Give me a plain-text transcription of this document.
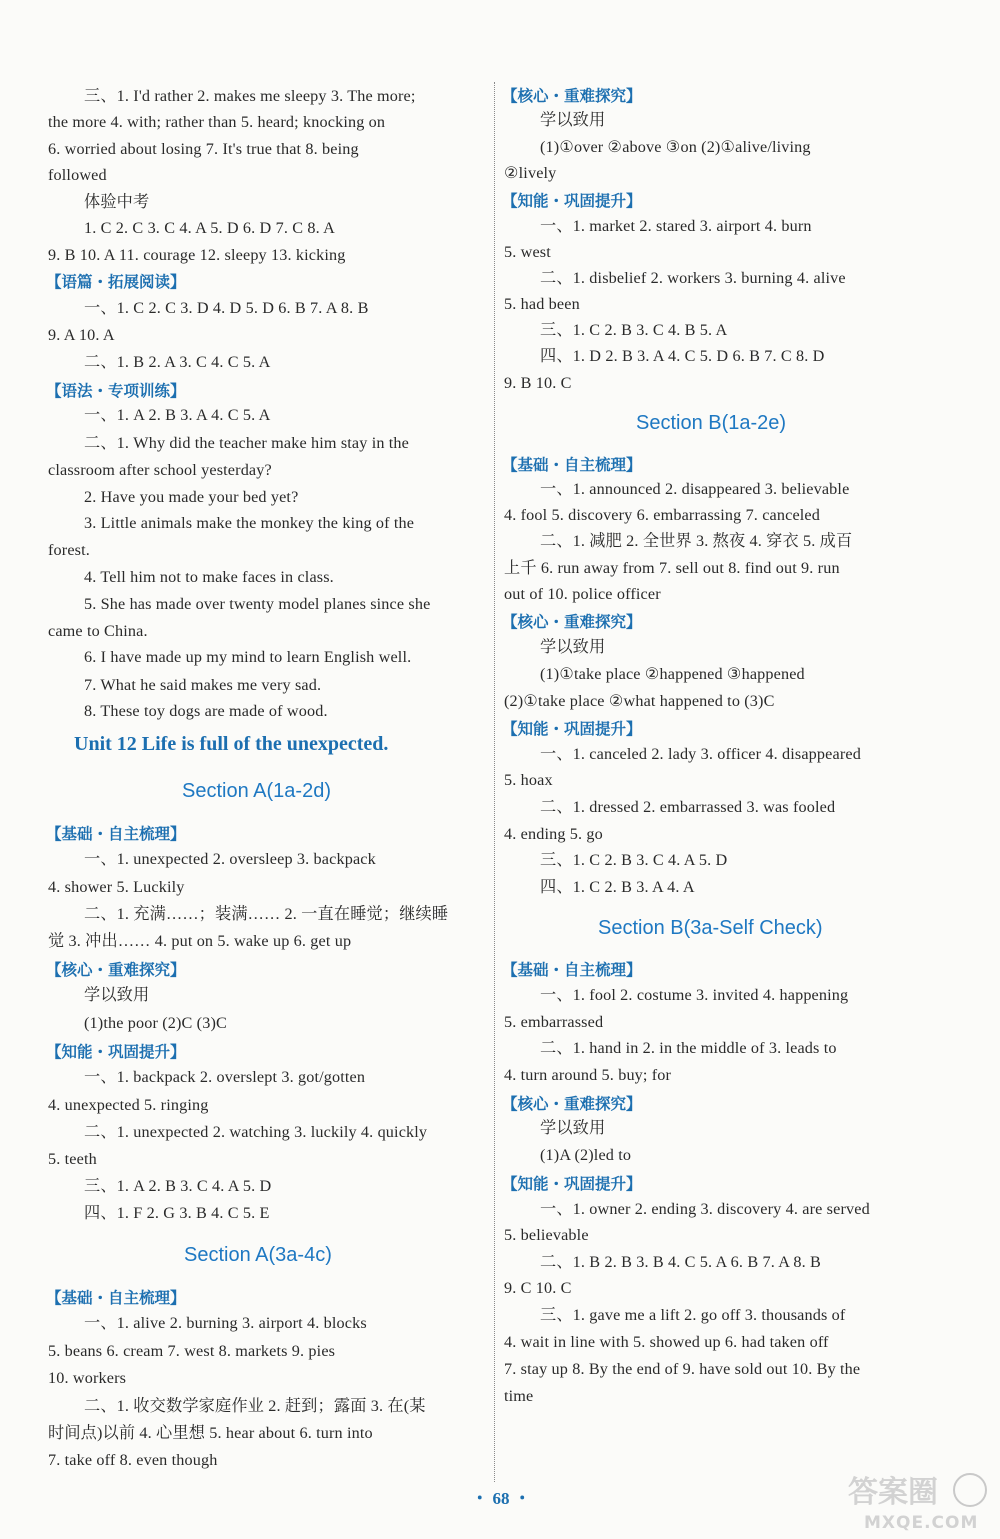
三、1. I'd rather 2. makes me sleepy 3. The more;
the more 4. with; rather than 5. heard; knocking on
6. worried about losing 7. It's true that 8. being
followed
体验中考
1. C 2. C 3. C 4. A 5. D 6. D 7. C 8. A
9. B 10. A 11. courage 12. sleepy 13. kicking
【语篇・拓展阅读】
一、1. C 2. C 3. D 4. D 5. D 6. B 7. A 8. B
9. A 10. A
二、1. B 2. A 3. C 4. C 5. A
【语法・专项训练】
一、1. A 2. B 3. A 4. C 5. A
二、1. Why did the teacher make him stay in the
classroom after school yesterday?
2. Have you made your bed yet?
3. Little animals make the monkey the king of the
forest.
4. Tell him not to make faces in class.
5. She has made over twenty model planes since she
came to China.
6. I have made up my mind to learn English well.
7. What he said makes me very sad.
8. These toy dogs are made of wood.
Unit 12 Life is full of the unexpected.
Section A(1a-2d)
【基础・自主梳理】
一、1. unexpected 2. oversleep 3. backpack
4. shower 5. Luckily
二、1. 充满……；装满…… 2. 一直在睡觉；继续睡
觉 3. 冲出…… 4. put on 5. wake up 6. get up
【核心・重难探究】
学以致用
(1)the poor (2)C (3)C
【知能・巩固提升】
一、1. backpack 2. overslept 3. got/gotten
4. unexpected 5. ringing
二、1. unexpected 2. watching 3. luckily 4. quickly
5. teeth
三、1. A 2. B 3. C 4. A 5. D
四、1. F 2. G 3. B 4. C 5. E
Section A(3a-4c)
【基础・自主梳理】
一、1. alive 2. burning 3. airport 4. blocks
5. beans 6. cream 7. west 8. markets 9. pies
10. workers
二、1. 收交数学家庭作业 2. 赶到；露面 3. 在(某
时间点)以前 4. 心里想 5. hear about 6. turn into
7. take off 8. even though
【核心・重难探究】
学以致用
(1)①over ②above ③on (2)①alive/living
②lively
【知能・巩固提升】
一、1. market 2. stared 3. airport 4. burn
5. west
二、1. disbelief 2. workers 3. burning 4. alive
5. had been
三、1. C 2. B 3. C 4. B 5. A
四、1. D 2. B 3. A 4. C 5. D 6. B 7. C 8. D
9. B 10. C
Section B(1a-2e)
【基础・自主梳理】
一、1. announced 2. disappeared 3. believable
4. fool 5. discovery 6. embarrassing 7. canceled
二、1. 减肥 2. 全世界 3. 熬夜 4. 穿衣 5. 成百
上千 6. run away from 7. sell out 8. find out 9. run
out of 10. police officer
【核心・重难探究】
学以致用
(1)①take place ②happened ③happened
(2)①take place ②what happened to (3)C
【知能・巩固提升】
一、1. canceled 2. lady 3. officer 4. disappeared
5. hoax
二、1. dressed 2. embarrassed 3. was fooled
4. ending 5. go
三、1. C 2. B 3. C 4. A 5. D
四、1. C 2. B 3. A 4. A
Section B(3a-Self Check)
【基础・自主梳理】
一、1. fool 2. costume 3. invited 4. happening
5. embarrassed
二、1. hand in 2. in the middle of 3. leads to
4. turn around 5. buy; for
【核心・重难探究】
学以致用
(1)A (2)led to
【知能・巩固提升】
一、1. owner 2. ending 3. discovery 4. are served
5. believable
二、1. B 2. B 3. B 4. C 5. A 6. B 7. A 8. B
9. C 10. C
三、1. gave me a lift 2. go off 3. thousands of
4. wait in line with 5. showed up 6. had taken off
7. stay up 8. By the end of 9. have sold out 10. By the
time
・ 68 ・	答案圈
MXQE.COM
